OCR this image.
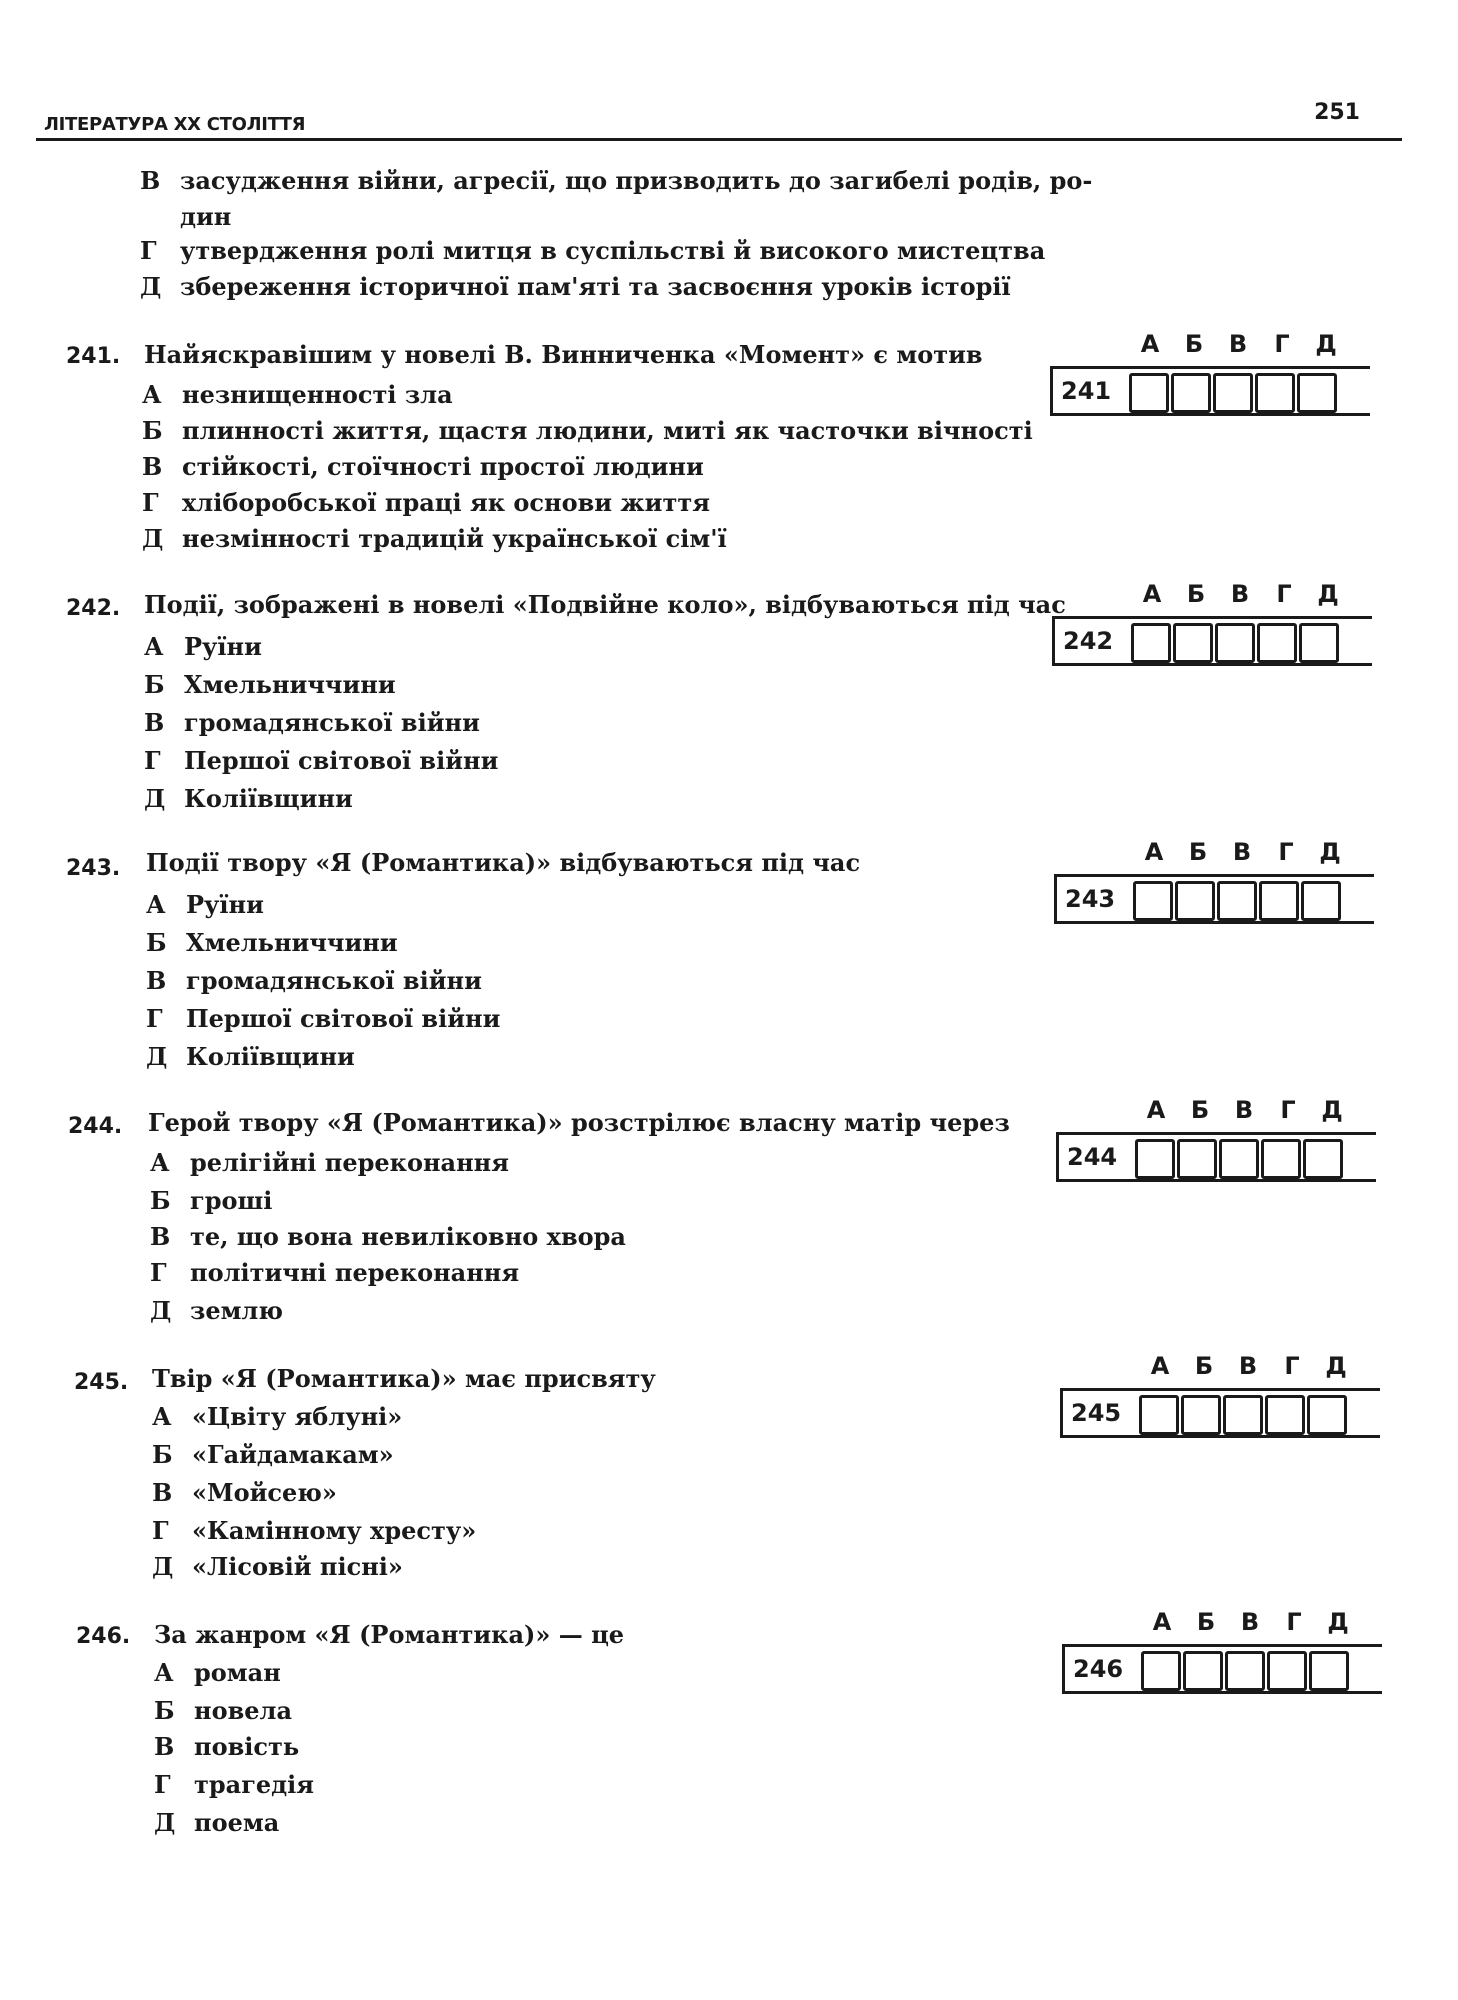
ЛІТЕРАТУРА XX СТОЛІТТЯ	251
В засудження війни, агресії, що призводить до загибелі родів, ро-
дин
Г утвердження ролі митця в суспільстві й високого мистецтва
Д збереження історичної пам'яті та засвоєння уроків історії
241. Найяскравішим у новелі В. Винниченка «Момент» є мотив
А незнищенності зла
Б плинності життя, щастя людини, миті як часточки вічності
В стійкості, стоїчності простої людини
Г хліборобської праці як основи життя
Д незмінності традицій української сім'ї
А	Б	В	Г	Д
241
242. Події, зображені в новелі «Подвійне коло», відбуваються під час
А Руїни
Б Хмельниччини
В громадянської війни
Г Першої світової війни
Д Коліївщини
А	Б	В	Г	Д
242
243. Події твору «Я (Романтика)» відбуваються під час
А Руїни
Б Хмельниччини
В громадянської війни
Г Першої світової війни
Д Коліївщини
А	Б	В	Г	Д
243
244. Герой твору «Я (Романтика)» розстрілює власну матір через
А релігійні переконання
Б гроші
В те, що вона невиліковно хвора
Г політичні переконання
Д землю
А	Б	В	Г	Д
244
245. Твір «Я (Романтика)» має присвяту
А «Цвіту яблуні»
Б «Гайдамакам»
В «Мойсею»
Г «Камінному хресту»
Д «Лісовій пісні»
А	Б	В	Г	Д
245
246. За жанром «Я (Романтика)» — це
А роман
Б новела
В повість
Г трагедія
Д поема
А	Б	В	Г	Д
246
